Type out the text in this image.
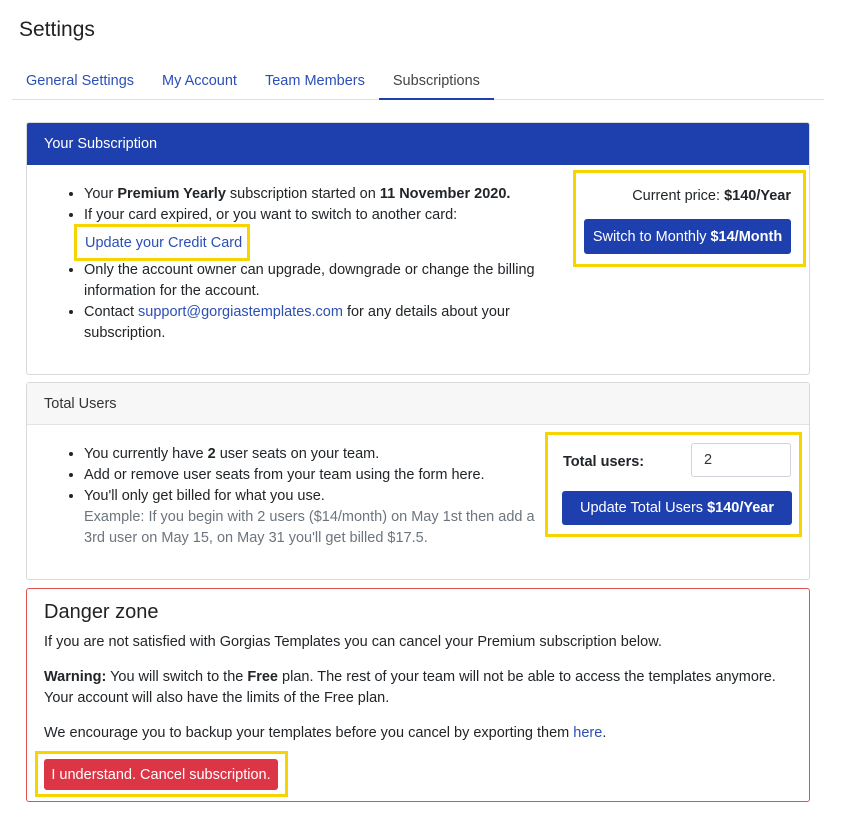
Settings
General Settings	My Account	Team Members	Subscriptions
Your Subscription
• Your Premium Yearly subscription started on 11 November 2020.
• If your card expired, or you want to switch to another card:
• Only the account owner can upgrade, downgrade or change the billing information for the account.
• Contact support@gorgiastemplates.com for any details about your subscription.
Update your Credit Card
Current price: $140/Year
Switch to Monthly $14/Month
Total Users
• You currently have 2 user seats on your team.
• Add or remove user seats from your team using the form here.
• You'll only get billed for what you use.
Example: If you begin with 2 users ($14/month) on May 1st then add a 3rd user on May 15, on May 31 you'll get billed $17.5.
Total users:
2
Update Total Users $140/Year
Danger zone

If you are not satisfied with Gorgias Templates you can cancel your Premium subscription below.

Warning: You will switch to the Free plan. The rest of your team will not be able to access the templates anymore. Your account will also have the limits of the Free plan.

We encourage you to backup your templates before you cancel by exporting them here.

I understand. Cancel subscription.
